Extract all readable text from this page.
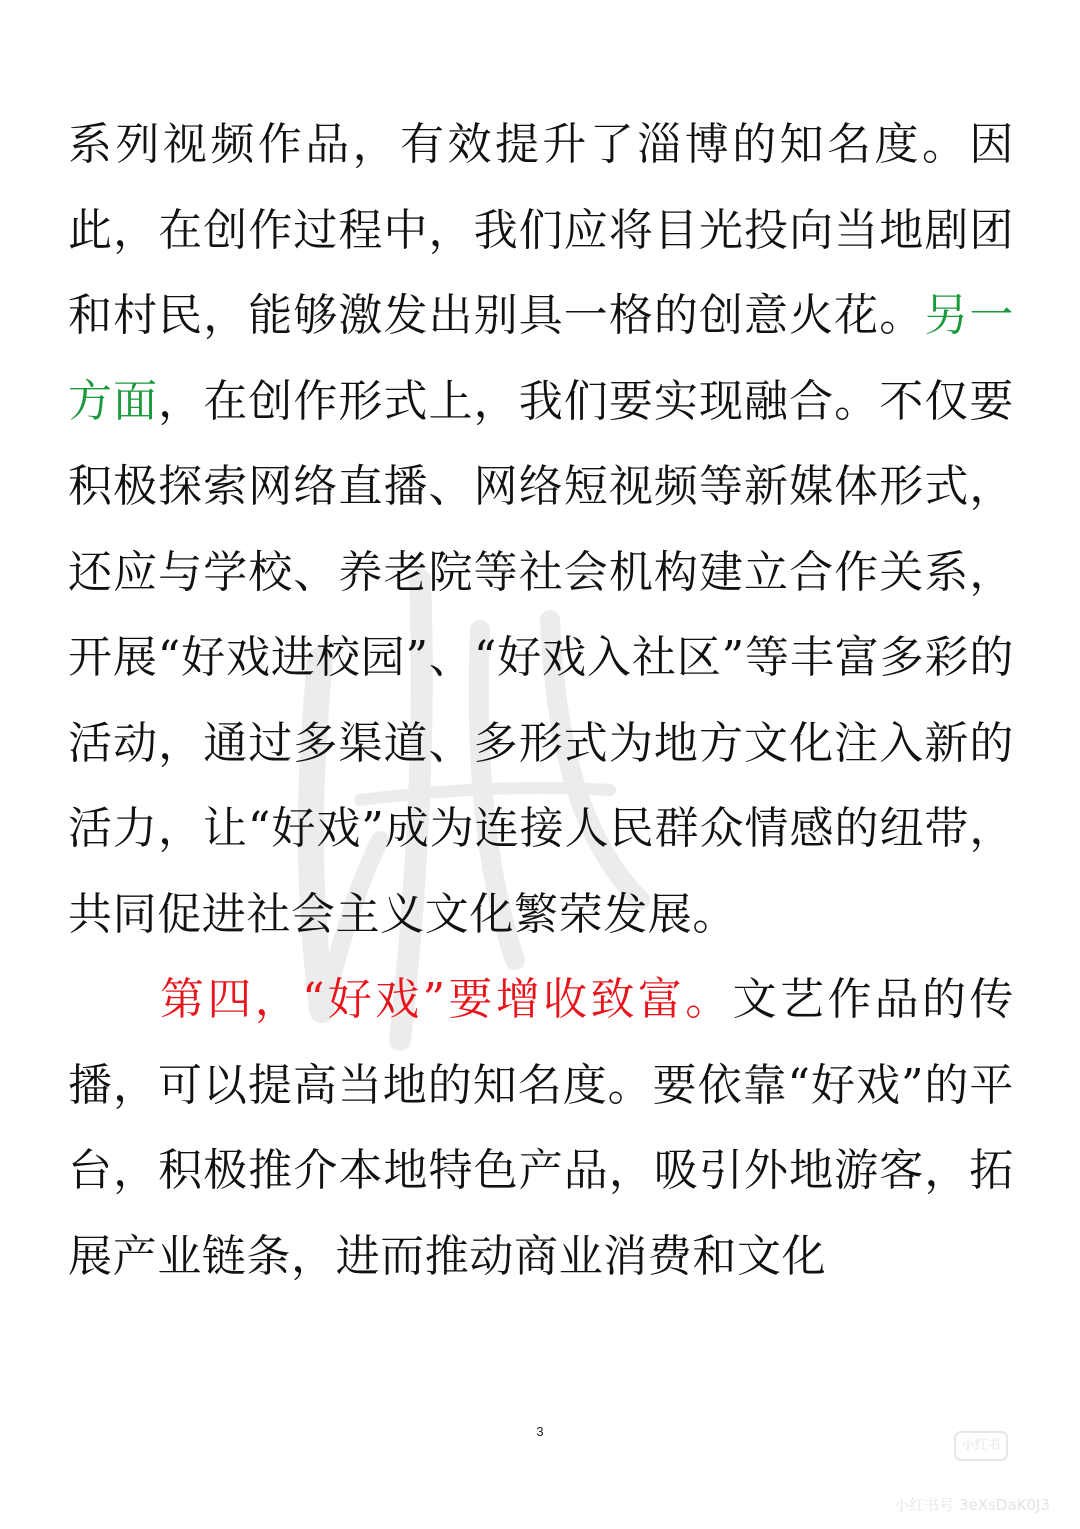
系列视频作品，有效提升了淄博的知名度。因此，在创作过程中，我们应将目光投向当地剧团和村民，能够激发出别具一格的创意火花。另一方面，在创作形式上，我们要实现融合。不仅要积极探索网络直播、网络短视频等新媒体形式，还应与学校、养老院等社会机构建立合作关系，开展“好戏进校园”、“好戏入社区”等丰富多彩的活动，通过多渠道、多形式为地方文化注入新的活力，让“好戏”成为连接人民群众情感的纽带，共同促进社会主义文化繁荣发展。

第四，“好戏”要增收致富。文艺作品的传播，可以提高当地的知名度。要依靠“好戏”的平台，积极推介本地特色产品，吸引外地游客，拓展产业链条，进而推动商业消费和文化

3
小红书
小红书号 3eXsDaK0J3
